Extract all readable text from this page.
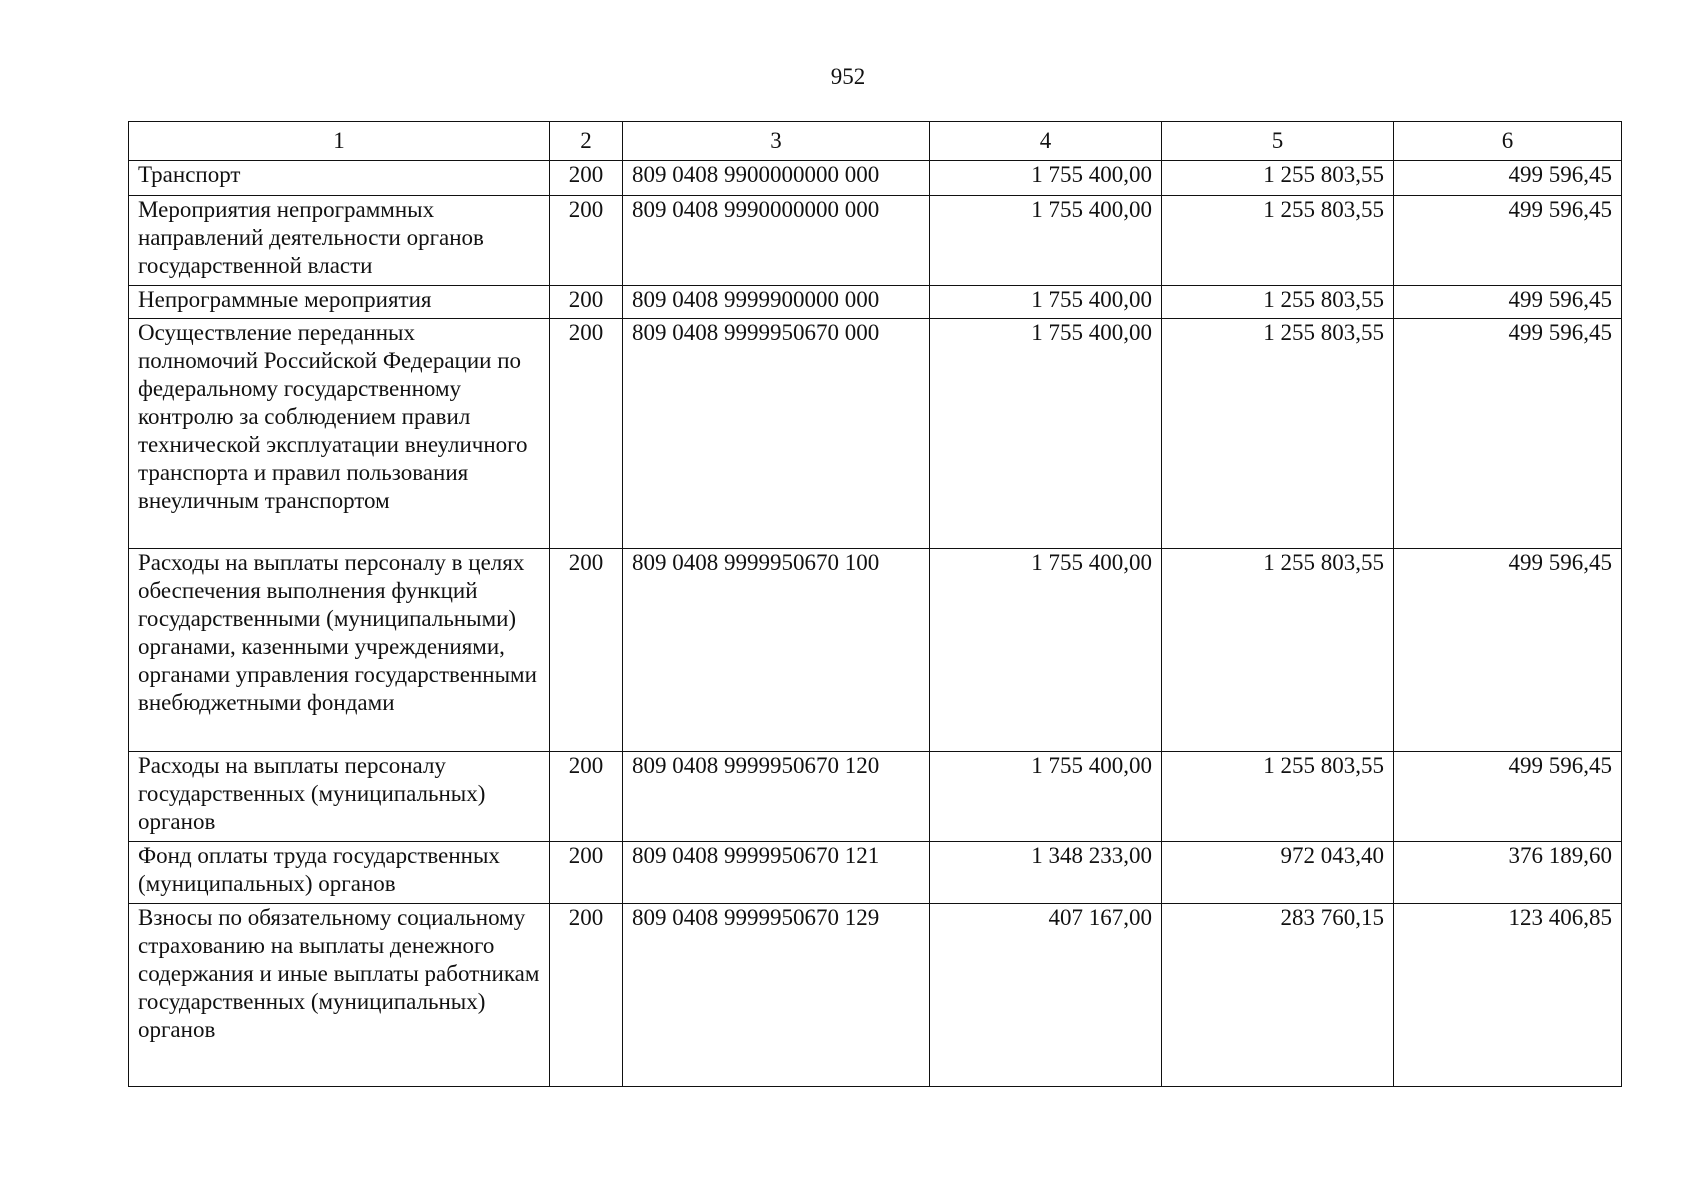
952
1	2	3	4	5	6
Транспорт	200	809 0408 9900000000 000	1 755 400,00	1 255 803,55	499 596,45
Мероприятия непрограммных направлений деятельности органов государственной власти	200	809 0408 9990000000 000	1 755 400,00	1 255 803,55	499 596,45
Непрограммные мероприятия	200	809 0408 9999900000 000	1 755 400,00	1 255 803,55	499 596,45
Осуществление переданных полномочий Российской Федерации по федеральному государственному контролю за соблюдением правил технической эксплуатации внеуличного транспорта и правил пользования внеуличным транспортом	200	809 0408 9999950670 000	1 755 400,00	1 255 803,55	499 596,45
Расходы на выплаты персоналу в целях обеспечения выполнения функций государственными (муниципальными) органами, казенными учреждениями, органами управления государственными внебюджетными фондами	200	809 0408 9999950670 100	1 755 400,00	1 255 803,55	499 596,45
Расходы на выплаты персоналу государственных (муниципальных) органов	200	809 0408 9999950670 120	1 755 400,00	1 255 803,55	499 596,45
Фонд оплаты труда государственных (муниципальных) органов	200	809 0408 9999950670 121	1 348 233,00	972 043,40	376 189,60
Взносы по обязательному социальному страхованию на выплаты денежного содержания и иные выплаты работникам государственных (муниципальных) органов	200	809 0408 9999950670 129	407 167,00	283 760,15	123 406,85
